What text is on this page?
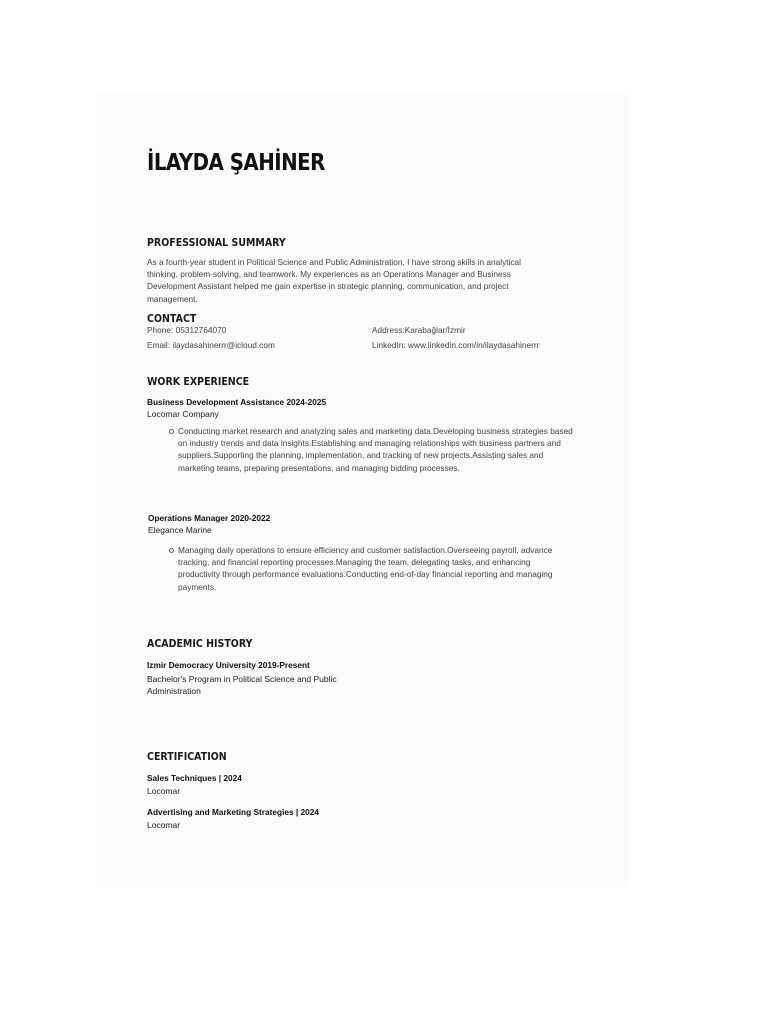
İLAYDA ŞAHİNER
PROFESSIONAL SUMMARY

As a fourth-year student in Political Science and Public Administration, I have strong skills in analytical thinking, problem-solving, and teamwork. My experiences as an Operations Manager and Business Development Assistant helped me gain expertise in strategic planning, communication, and project management.

CONTACT
Phone: 05312764070
Email: ilaydasahinerrr@icloud.com
Address:Karabağlar/İzmir
LinkedIn: www.linkedin.com/in/ilaydasahinerrr
WORK EXPERIENCE
Business Development Assistance 2024-2025
Locomar Company

Conducting market research and analyzing sales and marketing data.Developing business strategies based on industry trends and data insights.Establishing and managing relationships with business partners and suppliers.Supporting the planning, implementation, and tracking of new projects.Assisting sales and marketing teams, preparing presentations, and managing bidding processes.

Operations Manager 2020-2022
Elegance Marine

Managing daily operations to ensure efficiency and customer satisfaction.Overseeing payroll, advance tracking, and financial reporting processes.Managing the team, delegating tasks, and enhancing productivity through performance evaluations.Conducting end-of-day financial reporting and managing payments.

ACADEMIC HISTORY
Izmir Democracy University 2019-Present

Bachelor's Program in Political Science and Public Administration

CERTIFICATION
Sales Techniques | 2024
Locomar
Advertising and Marketing Strategies | 2024
Locomar
